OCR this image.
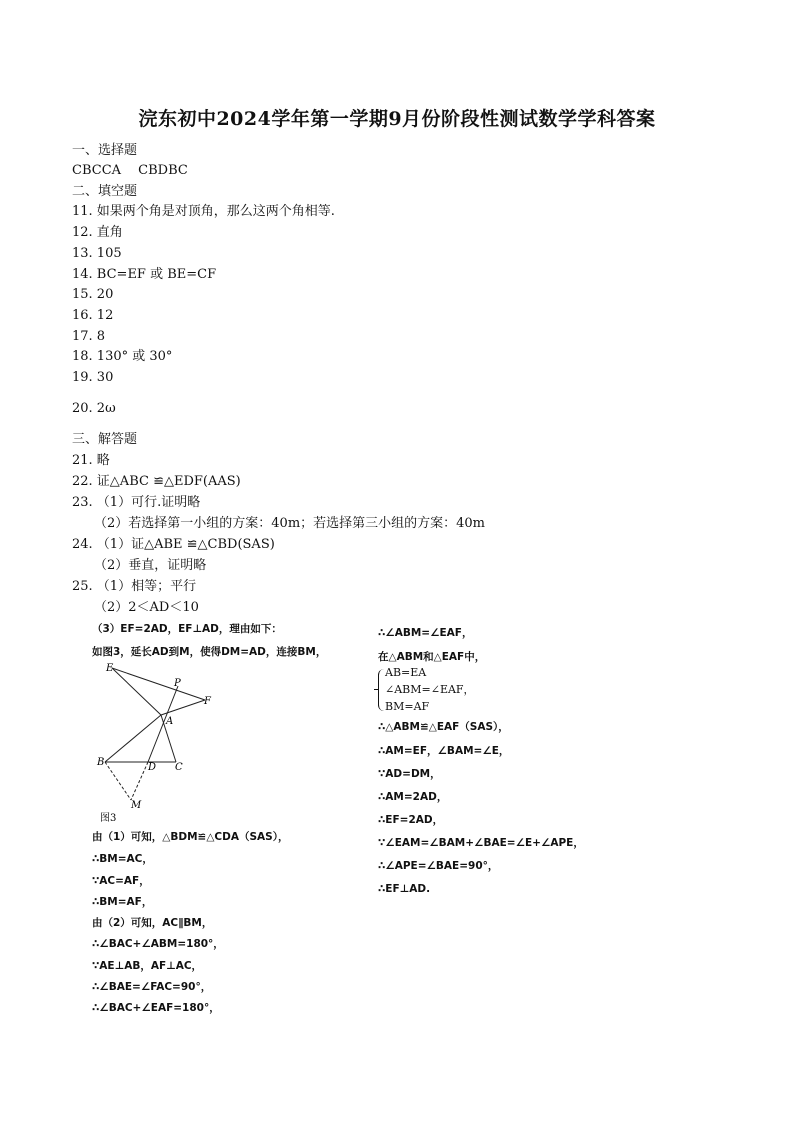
浣东初中2024学年第一学期9月份阶段性测试数学学科答案
一、选择题
CBCCA　 CBDBC
二、填空题
11. 如果两个角是对顶角，那么这两个角相等.
12. 直角
13. 105
14. BC=EF 或 BE=CF
15. 20
16. 12
17. 8
18. 130° 或 30°
19. 30
20. 2ω
三、解答题
21. 略
22. 证△ABC ≌△EDF(AAS)
23. （1）可行.证明略
（2）若选择第一小组的方案：40m；若选择第三小组的方案：40m
24. （1）证△ABE ≌△CBD(SAS)
（2）垂直，证明略
25. （1）相等；平行
（2）2＜AD＜10
（3）EF=2AD，EF⊥AD，理由如下：
如图3，延长AD到M，使得DM=AD，连接BM，
E
P
F
A
B	D C
M
图3
由（1）可知，△BDM≌△CDA（SAS），
∴BM=AC，
∵AC=AF，
∴BM=AF，
由（2）可知，AC∥BM，
∴∠BAC+∠ABM=180°，
∵AE⊥AB，AF⊥AC，
∴∠BAE=∠FAC=90°，
∴∠BAC+∠EAF=180°，
∴∠ABM=∠EAF，
在△ABM和△EAF中，
AB=EA
∠ABM=∠EAF，
BM=AF
∴△ABM≌△EAF（SAS），
∴AM=EF，∠BAM=∠E，
∵AD=DM，
∴AM=2AD，
∴EF=2AD，
∵∠EAM=∠BAM+∠BAE=∠E+∠APE，
∴∠APE=∠BAE=90°，
∴EF⊥AD.
